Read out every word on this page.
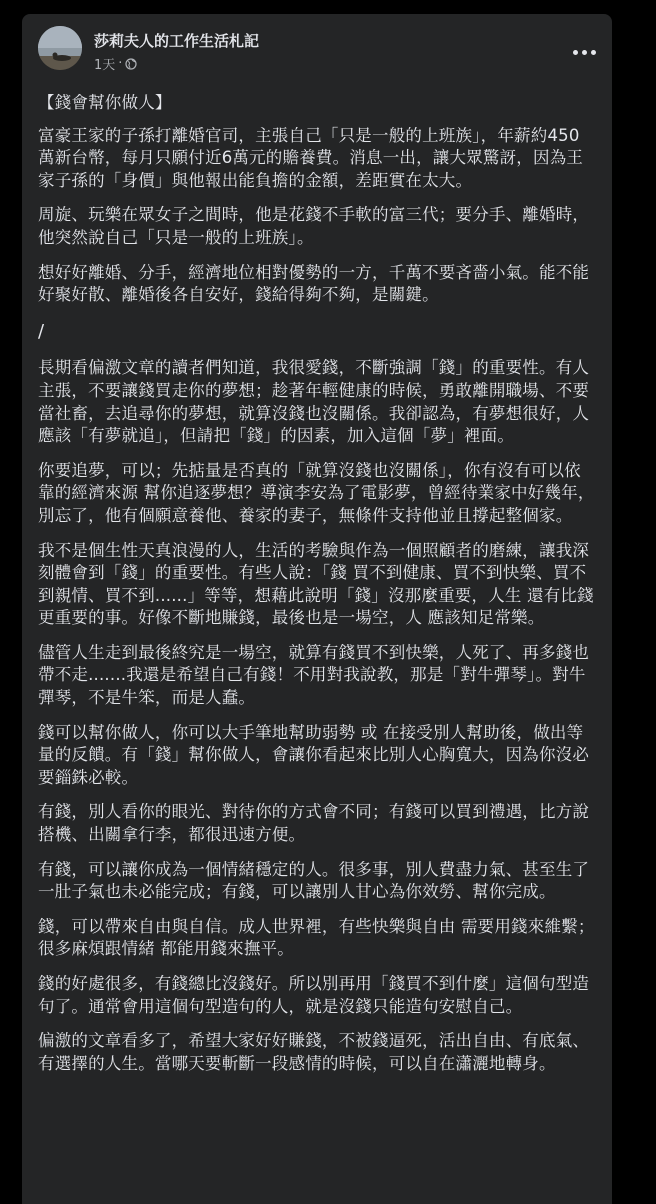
莎莉夫人的工作生活札記
1天 ·

【錢會幫你做人】

富豪王家的子孫打離婚官司，主張自己「只是一般的上班族」，年薪約450萬新台幣，每月只願付近6萬元的贍養費。消息一出，讓大眾驚訝，因為王家子孫的「身價」與他報出能負擔的金額，差距實在太大。

周旋、玩樂在眾女子之間時，他是花錢不手軟的富三代；要分手、離婚時，他突然說自己「只是一般的上班族」。

想好好離婚、分手，經濟地位相對優勢的一方，千萬不要吝嗇小氣。能不能好聚好散、離婚後各自安好，錢給得夠不夠，是關鍵。

/

長期看偏激文章的讀者們知道，我很愛錢，不斷強調「錢」的重要性。有人主張，不要讓錢買走你的夢想；趁著年輕健康的時候，勇敢離開職場、不要當社畜，去追尋你的夢想，就算沒錢也沒關係。我卻認為，有夢想很好，人應該「有夢就追」，但請把「錢」的因素，加入這個「夢」裡面。

你要追夢，可以；先掂量是否真的「就算沒錢也沒關係」，你有沒有可以依靠的經濟來源 幫你追逐夢想？導演李安為了電影夢，曾經待業家中好幾年，別忘了，他有個願意養他、養家的妻子，無條件支持他並且撐起整個家。

我不是個生性天真浪漫的人，生活的考驗與作為一個照顧者的磨練，讓我深刻體會到「錢」的重要性。有些人說：「錢 買不到健康、買不到快樂、買不到親情、買不到......」等等，想藉此說明「錢」沒那麼重要，人生 還有比錢更重要的事。好像不斷地賺錢，最後也是一場空，人 應該知足常樂。

儘管人生走到最後終究是一場空，就算有錢買不到快樂，人死了、再多錢也帶不走.......我還是希望自己有錢！不用對我說教，那是「對牛彈琴」。對牛彈琴，不是牛笨，而是人蠢。

錢可以幫你做人，你可以大手筆地幫助弱勢 或 在接受別人幫助後，做出等量的反饋。有「錢」幫你做人，會讓你看起來比別人心胸寬大，因為你沒必要錙銖必較。

有錢，別人看你的眼光、對待你的方式會不同；有錢可以買到禮遇，比方說搭機、出關拿行李，都很迅速方便。

有錢，可以讓你成為一個情緒穩定的人。很多事，別人費盡力氣、甚至生了一肚子氣也未必能完成；有錢，可以讓別人甘心為你效勞、幫你完成。

錢，可以帶來自由與自信。成人世界裡，有些快樂與自由 需要用錢來維繫；很多麻煩跟情緒 都能用錢來撫平。

錢的好處很多，有錢總比沒錢好。所以別再用「錢買不到什麼」這個句型造句了。通常會用這個句型造句的人，就是沒錢只能造句安慰自己。

偏激的文章看多了，希望大家好好賺錢，不被錢逼死，活出自由、有底氣、有選擇的人生。當哪天要斬斷一段感情的時候，可以自在瀟灑地轉身。
